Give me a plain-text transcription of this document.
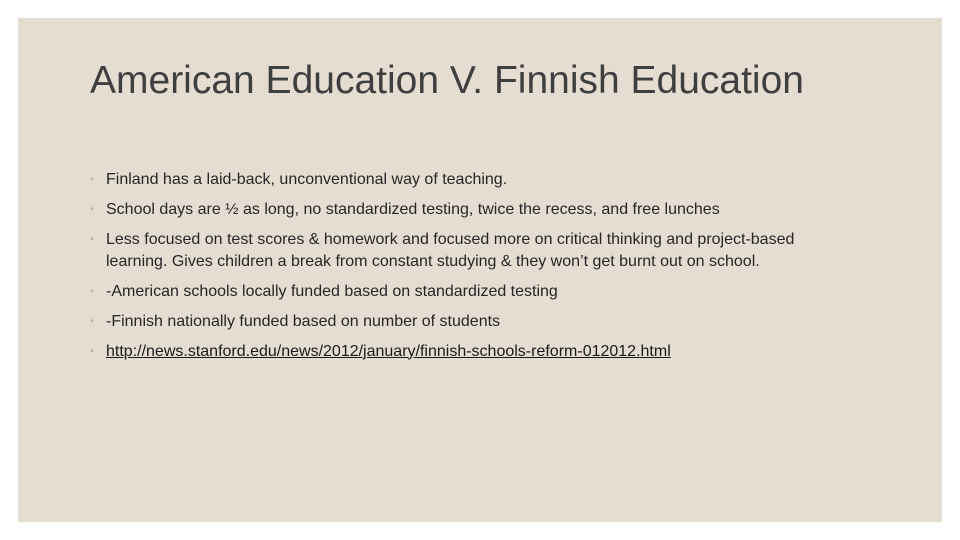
American Education V. Finnish Education
◦ Finland has a laid-back, unconventional way of teaching.
◦ School days are ½ as long, no standardized testing, twice the recess, and free lunches
◦ Less focused on test scores & homework and focused more on critical thinking and project-based learning. Gives children a break from constant studying & they won’t get burnt out on school.
◦ -American schools locally funded based on standardized testing
◦ -Finnish nationally funded based on number of students
◦ http://news.stanford.edu/news/2012/january/finnish-schools-reform-012012.html
